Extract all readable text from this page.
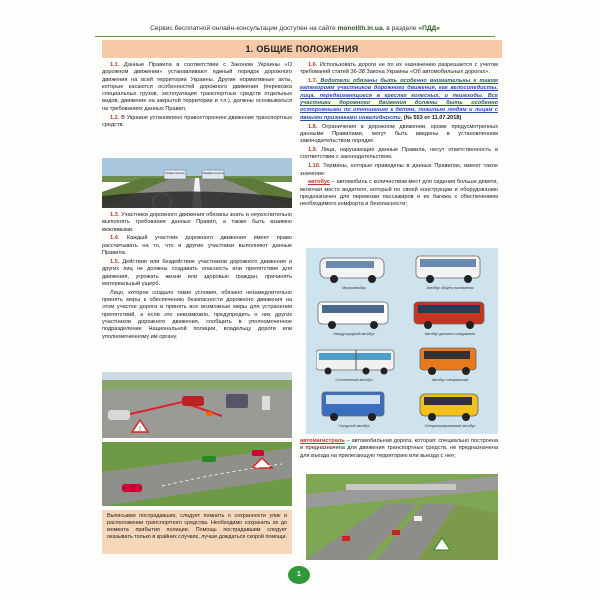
Сервис бесплатной онлайн-консультации доступен на сайте monolith.in.ua, в разделе «ПДД»
1. ОБЩИЕ ПОЛОЖЕНИЯ

1.1. Данные Правила в соответствии с Законом Украины «О дорожном движении» устанавливают единый порядок дорожного движения на всей территории Украины. Другие нормативные акты, которые касаются особенностей дорожного движения (перевозка специальных грузов, эксплуатация транспортных средств отдельных видов, движение на закрытой территории и т.п.), должны основываться на требованиях данных Правил.

1.2. В Украине установлено правостороннее движение транспортных средств.

Левая полоса	Правая полоса

1.3. Участники дорожного движения обязаны знать и неукоснительно выполнять требования данных Правил, а также быть взаимно вежливыми.

1.4. Каждый участник дорожного движения имеет право рассчитывать на то, что и другие участники выполняют данные Правила.

1.5. Действия или бездействие участников дорожного движения и других лиц не должны создавать опасность или препятствие для движения, угрожать жизни или здоровью граждан, причинять материальный ущерб.

Лицо, которое создало такие условия, обязано незамедлительно принять меры к обеспечению безопасности дорожного движения на этом участке дороги и принять все возможные меры для устранения препятствий, а если это невозможно, предупредить о них других участников дорожного движения, сообщить в уполномоченное подразделение Национальной полиции, владельцу дороги или уполномоченному им органу.

!
Выписывая пострадавших, следует помнить о сохранности улик и расположении транспортного средства. Необходимо сохранить их до момента прибытия полиции. Помощь пострадавшим следует оказывать только в крайних случаях, лучше дождаться скорой помощи.

1.6. Использовать дороги не по их назначению разрешается с учетом требований статей 36-38 Закона Украины «Об автомобильных дорогах».

1.7. Водители обязаны быть особенно внимательны к таким категориям участников дорожного движения, как велосипедисты, лица, передвигающиеся в креслах колесных, и пешеходы. Все участники дорожного движения должны быть особенно осторожными по отношению к детям, пожилым людям и лицам с явными признаками инвалидности. (№ 553 от 11.07.2018)

1.8. Ограничения в дорожном движении, кроме предусмотренных данными Правилами, могут быть введены в установленном законодательством порядке.

1.9. Лица, нарушающие данные Правила, несут ответственность в соответствии с законодательством.

1.10. Термины, которые приведены в данных Правилах, имеют такое значение:

автобус – автомобиль с количеством мест для сидения больше девяти, включая место водителя, который по своей конструкции и оборудованию предназначен для перевозки пассажиров и их багажа с обеспечением необходимого комфорта и безопасности;

Микроавтобус	Автобус общего назначения
Междугородный автобус	Автобус дальнего следования
Сочлененный автобус	Автобус специальный
Городской автобус	Специализированный автобус
автомагистраль – автомобильная дорога, которая: специально построена и предназначена для движения транспортных средств, не предназначена для въезда на прилегающую территорию или выезда с нее;
1
